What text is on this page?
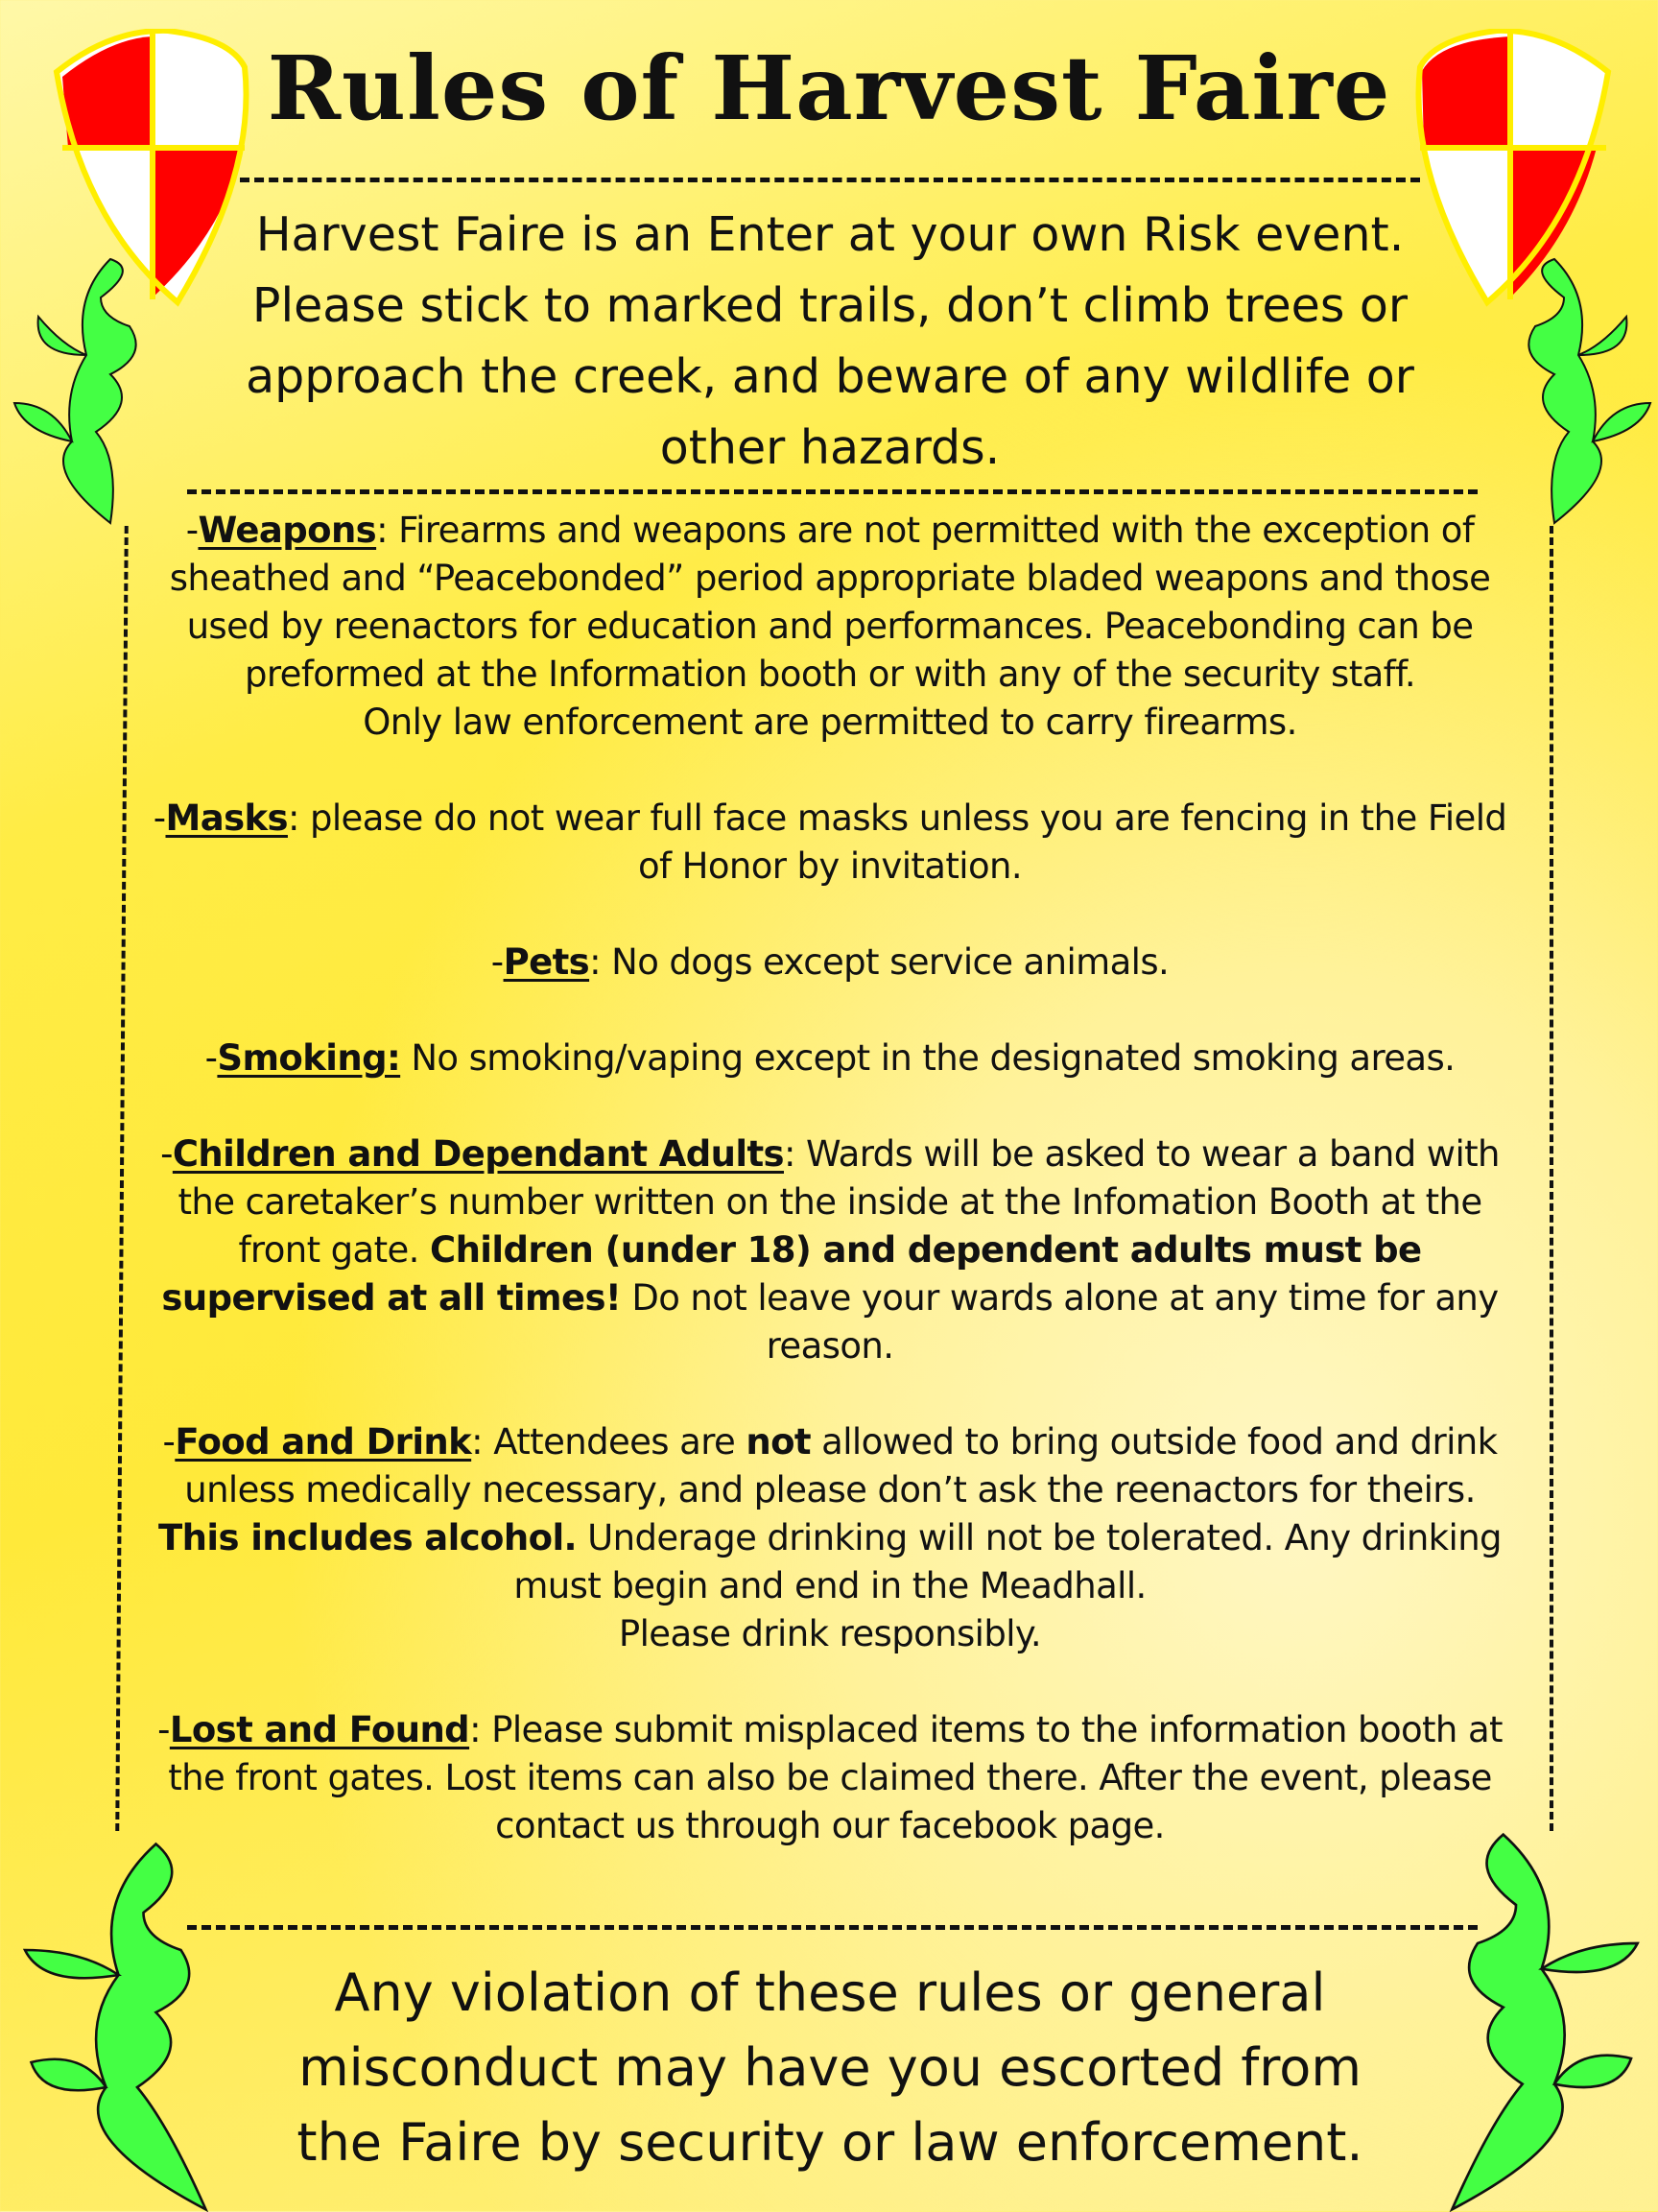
Rules of Harvest Faire

Harvest Faire is an Enter at your own Risk event. Please stick to marked trails, don’t climb trees or approach the creek, and beware of any wildlife or other hazards.

-Weapons: Firearms and weapons are not permitted with the exception of sheathed and “Peacebonded” period appropriate bladed weapons and those used by reenactors for education and performances. Peacebonding can be preformed at the Information booth or with any of the security staff.
Only law enforcement are permitted to carry firearms.

-Masks: please do not wear full face masks unless you are fencing in the Field of Honor by invitation.

-Pets: No dogs except service animals.

-Smoking: No smoking/vaping except in the designated smoking areas.

-Children and Dependant Adults: Wards will be asked to wear a band with the caretaker’s number written on the inside at the Infomation Booth at the front gate. Children (under 18) and dependent adults must be supervised at all times! Do not leave your wards alone at any time for any reason.

-Food and Drink: Attendees are not allowed to bring outside food and drink unless medically necessary, and please don’t ask the reenactors for theirs. This includes alcohol. Underage drinking will not be tolerated. Any drinking must begin and end in the Meadhall.
Please drink responsibly.

-Lost and Found: Please submit misplaced items to the information booth at the front gates. Lost items can also be claimed there. After the event, please contact us through our facebook page.

Any violation of these rules or general misconduct may have you escorted from the Faire by security or law enforcement.
